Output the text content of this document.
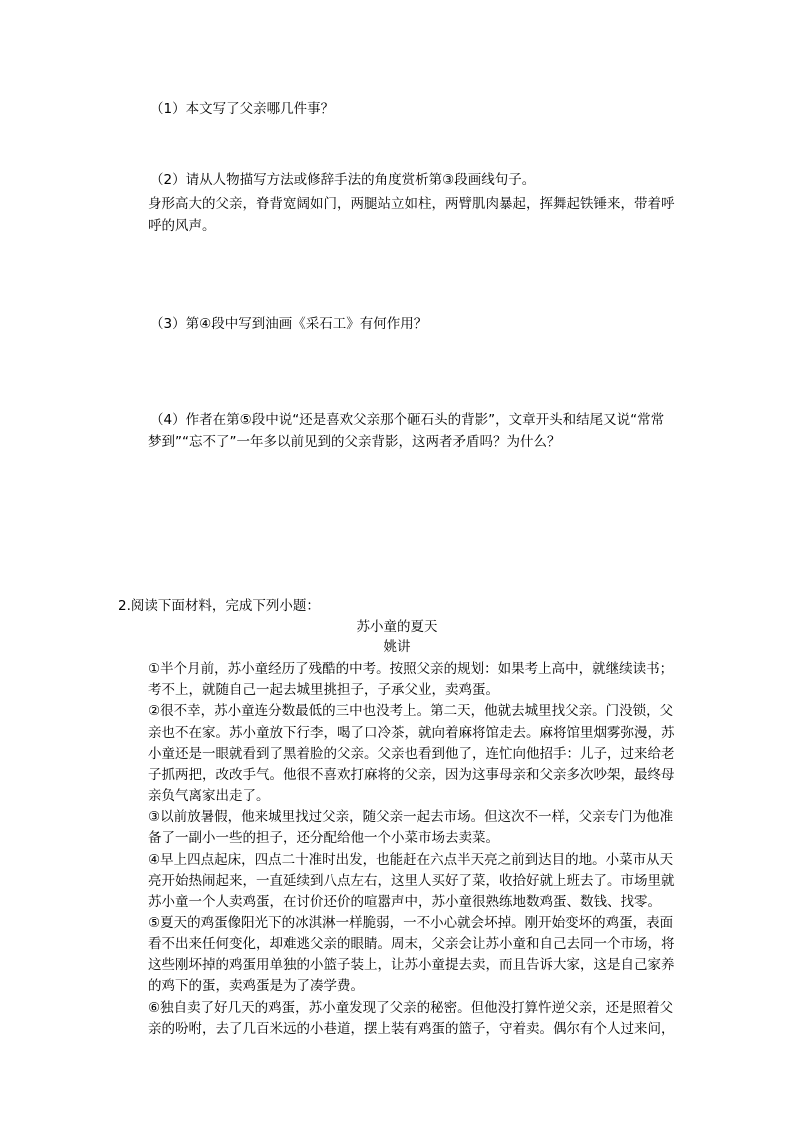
（1）本文写了父亲哪几件事？

（2）请从人物描写方法或修辞手法的角度赏析第③段画线句子。

身形高大的父亲，脊背宽阔如门，两腿站立如柱，两臂肌肉暴起，挥舞起铁锤来，带着呼

呼的风声。

（3）第④段中写到油画《采石工》有何作用？

（4）作者在第⑤段中说“还是喜欢父亲那个砸石头的背影”，文章开头和结尾又说“常常

梦到”“忘不了”一年多以前见到的父亲背影，这两者矛盾吗？为什么？

2.阅读下面材料，完成下列小题：

苏小童的夏天

姚讲

①半个月前，苏小童经历了残酷的中考。按照父亲的规划：如果考上高中，就继续读书；

考不上，就随自己一起去城里挑担子，子承父业，卖鸡蛋。

②很不幸，苏小童连分数最低的三中也没考上。第二天，他就去城里找父亲。门没锁，父

亲也不在家。苏小童放下行李，喝了口冷茶，就向着麻将馆走去。麻将馆里烟雾弥漫，苏

小童还是一眼就看到了黑着脸的父亲。父亲也看到他了，连忙向他招手：儿子，过来给老

子抓两把，改改手气。他很不喜欢打麻将的父亲，因为这事母亲和父亲多次吵架，最终母

亲负气离家出走了。

③以前放暑假，他来城里找过父亲，随父亲一起去市场。但这次不一样，父亲专门为他准

备了一副小一些的担子，还分配给他一个小菜市场去卖菜。

④早上四点起床，四点二十准时出发，也能赶在六点半天亮之前到达目的地。小菜市从天

亮开始热闹起来，一直延续到八点左右，这里人买好了菜，收拾好就上班去了。市场里就

苏小童一个人卖鸡蛋，在讨价还价的喧嚣声中，苏小童很熟练地数鸡蛋、数钱、找零。

⑤夏天的鸡蛋像阳光下的冰淇淋一样脆弱，一不小心就会坏掉。刚开始变坏的鸡蛋，表面

看不出来任何变化，却难逃父亲的眼睛。周末，父亲会让苏小童和自己去同一个市场，将

这些刚坏掉的鸡蛋用单独的小篮子装上，让苏小童提去卖，而且告诉大家，这是自己家养

的鸡下的蛋，卖鸡蛋是为了凑学费。

⑥独自卖了好几天的鸡蛋，苏小童发现了父亲的秘密。但他没打算忤逆父亲，还是照着父

亲的吩咐，去了几百米远的小巷道，摆上装有鸡蛋的篮子，守着卖。偶尔有个人过来问，
